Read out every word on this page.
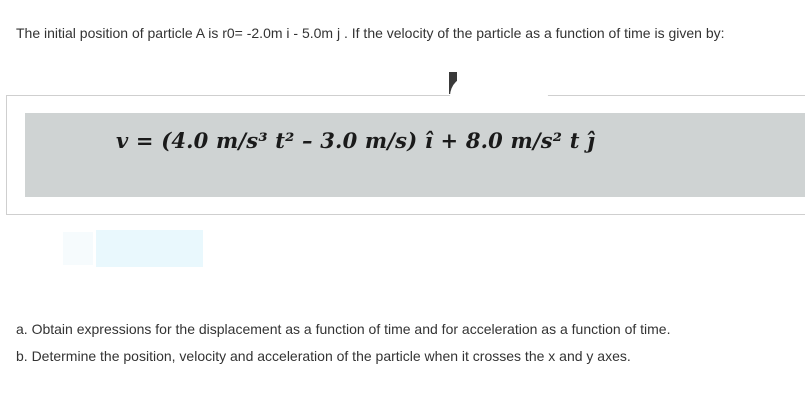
The initial position of particle A is r0= -2.0m i - 5.0m j . If the velocity of the particle as a function of time is given by:
v = (4.0 m/s³ t² – 3.0 m/s) î + 8.0 m/s² t ĵ
a. Obtain expressions for the displacement as a function of time and for acceleration as a function of time.
b. Determine the position, velocity and acceleration of the particle when it crosses the x and y axes.
